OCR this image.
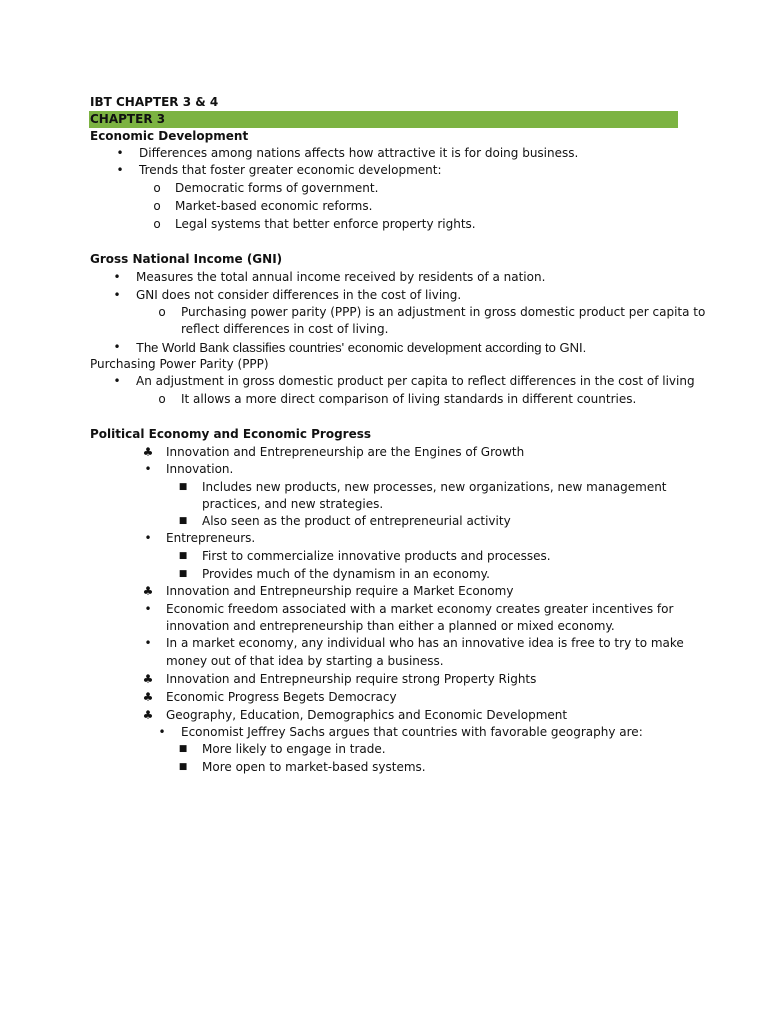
IBT CHAPTER 3 & 4
CHAPTER 3
Economic Development
• Differences among nations affects how attractive it is for doing business.
• Trends that foster greater economic development:
o Democratic forms of government.
o Market-based economic reforms.
o Legal systems that better enforce property rights.
Gross National Income (GNI)
• Measures the total annual income received by residents of a nation.
• GNI does not consider differences in the cost of living.
o Purchasing power parity (PPP) is an adjustment in gross domestic product per capita to
reflect differences in cost of living.
• The World Bank classifies countries' economic development according to GNI.
Purchasing Power Parity (PPP)
• An adjustment in gross domestic product per capita to reflect differences in the cost of living
o It allows a more direct comparison of living standards in different countries.
Political Economy and Economic Progress
♣ Innovation and Entrepreneurship are the Engines of Growth
• Innovation.
■ Includes new products, new processes, new organizations, new management
practices, and new strategies.
■ Also seen as the product of entrepreneurial activity
• Entrepreneurs.
■ First to commercialize innovative products and processes.
■ Provides much of the dynamism in an economy.
♣ Innovation and Entrepneurship require a Market Economy
• Economic freedom associated with a market economy creates greater incentives for
innovation and entrepreneurship than either a planned or mixed economy.
• In a market economy, any individual who has an innovative idea is free to try to make
money out of that idea by starting a business.
♣ Innovation and Entrepneurship require strong Property Rights
♣ Economic Progress Begets Democracy
♣ Geography, Education, Demographics and Economic Development
• Economist Jeffrey Sachs argues that countries with favorable geography are:
■ More likely to engage in trade.
■ More open to market-based systems.
